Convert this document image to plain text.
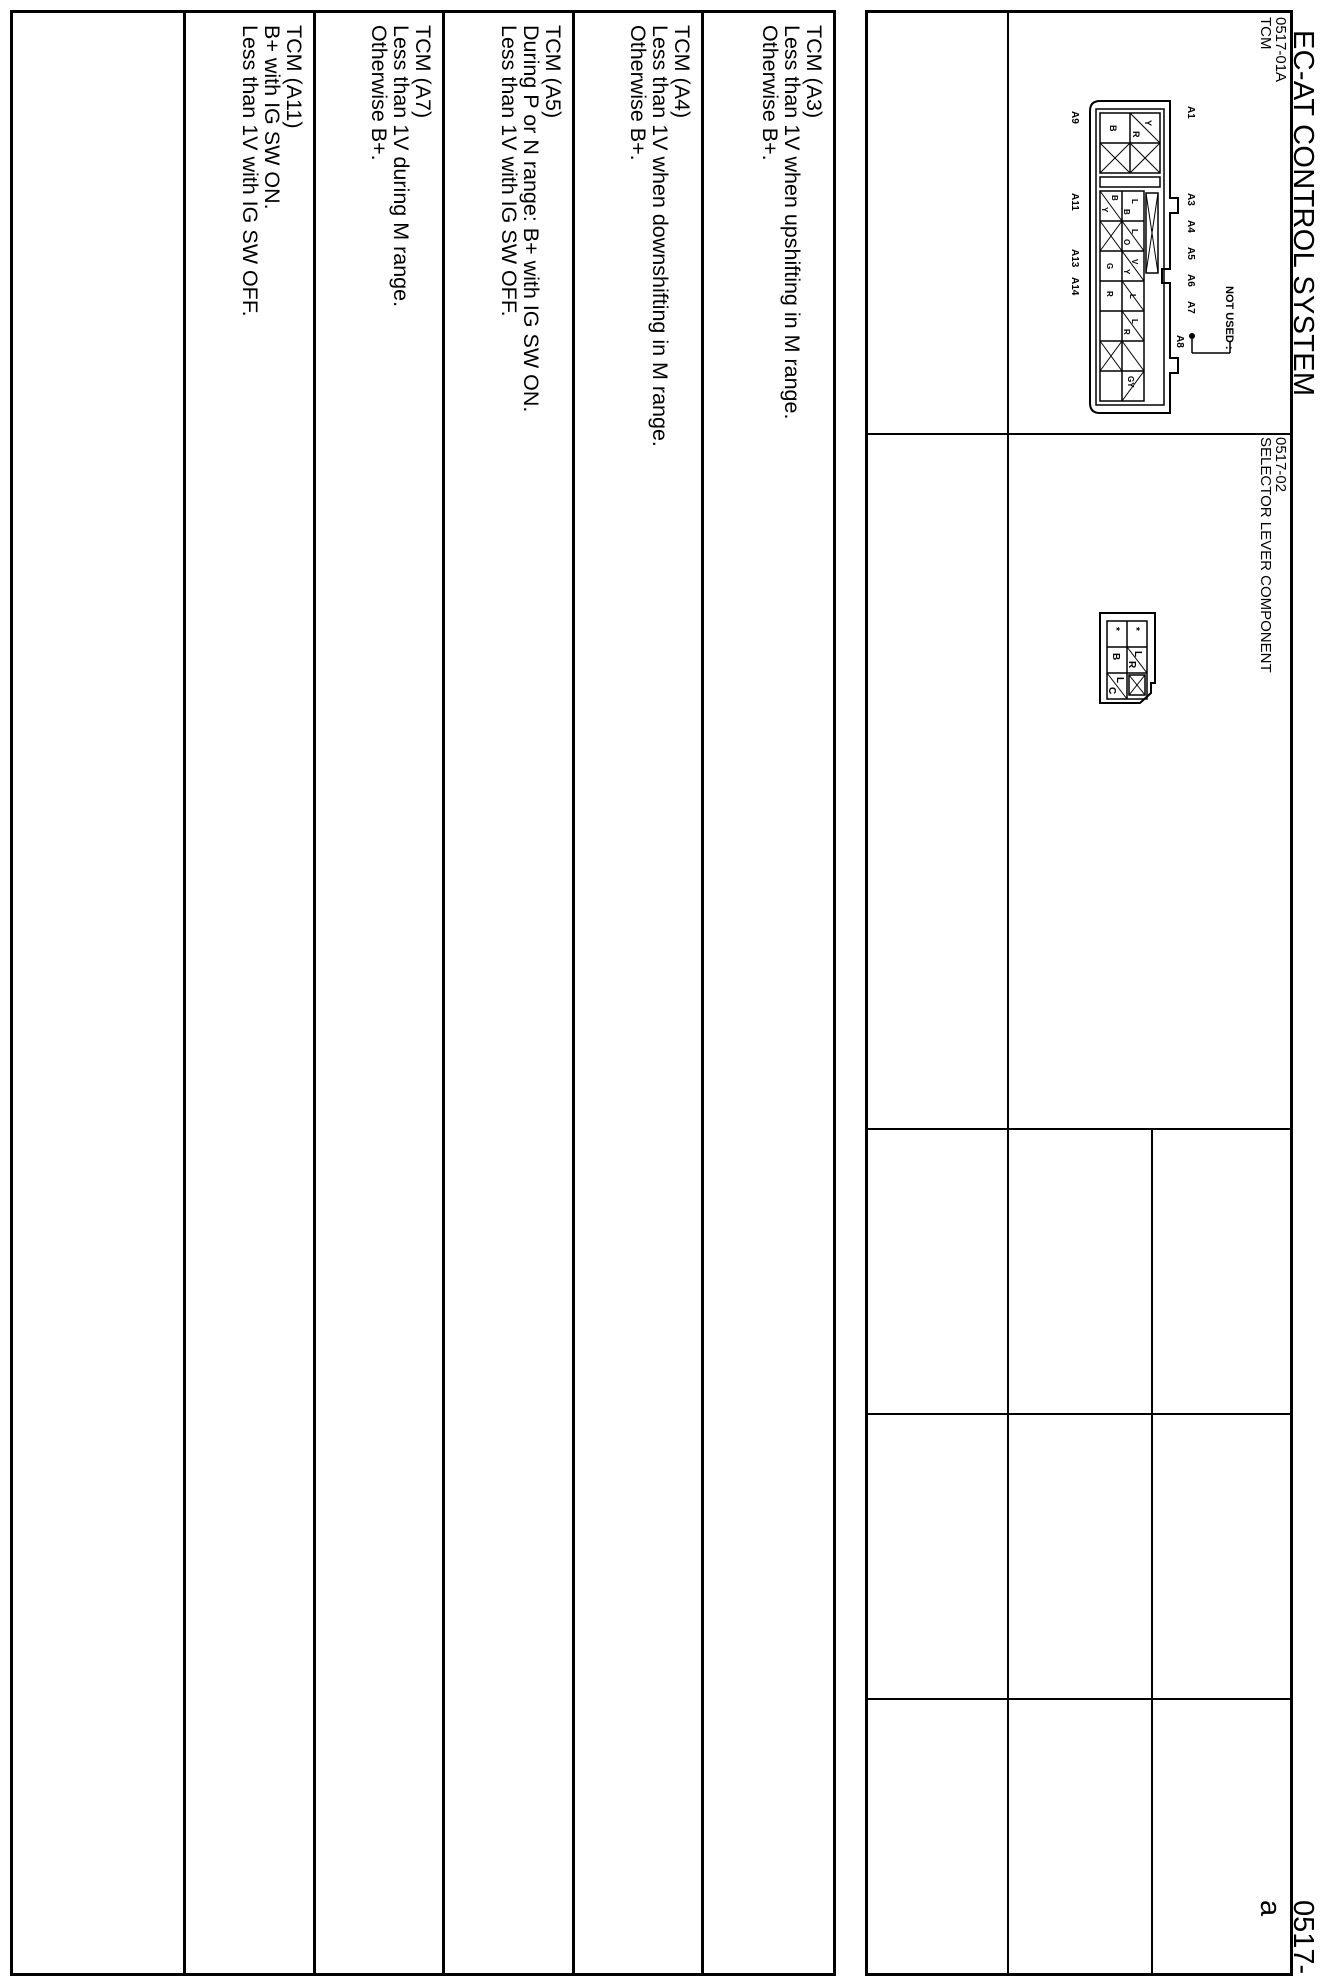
EC-AT CONTROL SYSTEM
0517-a
0517-01A
TCM
NOT USED :
A1
A3
A4
A5
A6
A7
A8
Y
R
B
L
B
L
O
V
Y
L
L
R
GY
B
Y
G
R
A9
A11
A13
A14
0517-02
SELECTOR LEVER COMPONENT
*
L
R
*
B
L
C

TCM (A3)

Less than 1V when upshifting in M range.

Otherwise B+.

TCM (A4)

Less than 1V when downshifting in M range.

Otherwise B+.

TCM (A5)

During P or N range: B+ with IG SW ON.

Less than 1V with IG SW OFF.

TCM (A7)

Less than 1V during M range.

Otherwise B+.

TCM (A11)

B+ with IG SW ON.

Less than 1V with IG SW OFF.
